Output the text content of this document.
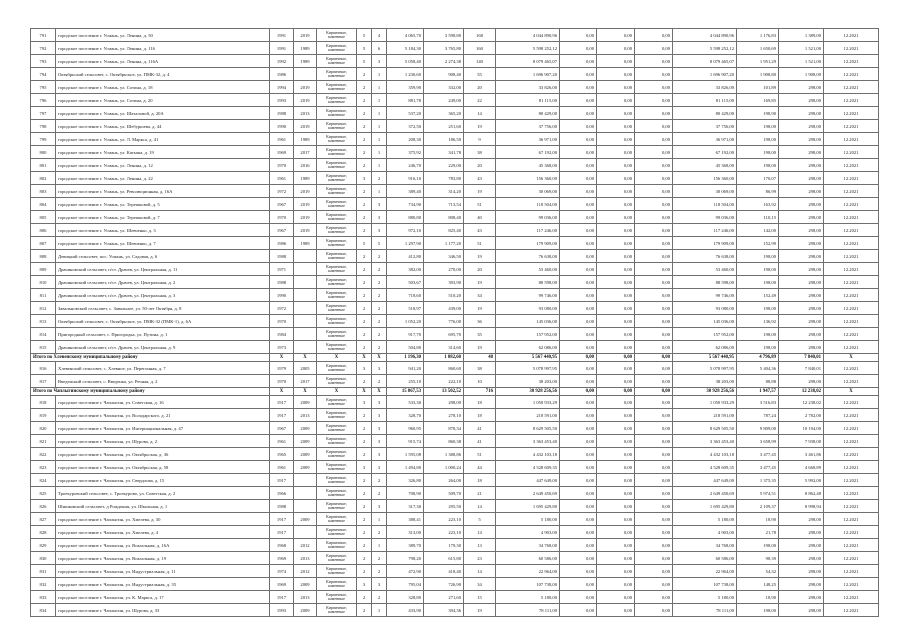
791	городское поселение г. Усмань, ул. Ленина, д. 50	1991	2019	Кирпичные, каменные	5	4	4 065,70	3 598,80	168	4 044 890,96	0,00	0,00	0,00	4 044 890,96	1 176,83	1 389,00	12.2021
792	городское поселение г. Усмань, ул. Ленина, д. 116	1991	1989	Кирпичные, каменные	5	6	5 184,30	3 765,80	160	5 598 252,12	0,00	0,00	0,00	5 598 252,12	1 650,69	1 521,00	12.2021
793	городское поселение г. Усмань, ул. Ленина, д. 116А	1992	1989	Кирпичные, каменные	5	3	5 058,40	2 274,38	140	8 079 465,07	0,00	0,00	0,00	8 079 465,07	1 951,29	1 521,00	12.2021
794	Октябрьский сельсовет, с. Октябрьское, ул. ПМК-32, д. 4	1986		Кирпичные, каменные	2	1	1 230,60	908,40	55	1 696 907,20	0,00	0,00	0,00	1 696 907,20	1 908,80	1 908,00	12.2021
795	городское поселение г. Усмань, ул. Сотина, д. 18	1994	2019	Кирпичные, каменные	2	1	359,90	332,00	20	33 826,00	0,00	0,00	0,00	33 826,00	101,89	298,00	12.2021
796	городское поселение г. Усмань, ул. Сотина, д. 20	1993	2019	Кирпичные, каменные	2	1	881,78	249,00	22	81 115,00	0,00	0,00	0,00	81 115,00	169,85	298,00	12.2021
797	городское поселение г. Усмань, ул. Шаталовой, д. 20А	1988	2013	Кирпичные, каменные	2	1	537,20	365,20	14	80 429,00	0,00	0,00	0,00	80 429,00	198,90	298,00	12.2021
798	городское поселение г. Усмань, ул. Шебуршева, д. 44	1990	2019	Кирпичные, каменные	2	1	372,50	251,60	19	37 756,00	0,00	0,00	0,00	37 756,00	198,00	298,00	12.2021
799	городское поселение г. Усмань, ул. Л. Маркса, д. 41	1961	1989	Кирпичные, каменные	2	1	208,30	186,50	9	36 971,00	0,00	0,00	0,00	36 971,00	198,00	298,00	12.2021
800	городское поселение г. Усмань, ул. Катыша, д. 19	1969	2017	Кирпичные, каменные	2	1	375,92	341,78	38	67 192,00	0,00	0,00	0,00	67 192,00	198,00	298,00	12.2021
801	городское поселение г. Усмань, ул. Ленина, д. 12	1970	2016	Кирпичные, каменные	2	1	246,70	229,00	20	45 368,00	0,00	0,00	0,00	45 368,00	198,00	298,00	12.2021
802	городское поселение г. Усмань, ул. Ленина, д. 22	1961	1989	Кирпичные, каменные	3	2	916,10	783,80	43	156 360,00	0,00	0,00	0,00	156 360,00	170,07	298,00	12.2021
803	городское поселение г. Усмань, ул. Революционная, д. 16А	1972	2019	Кирпичные, каменные	2	1	389,40	314,20	19	30 069,00	0,00	0,00	0,00	30 069,00	86,99	298,00	12.2021
804	городское поселение г. Усмань, ул. Терешковой, д. 5	1967	2019	Кирпичные, каменные	2	3	734,90	713,54	51	118 504,00	0,00	0,00	0,00	118 504,00	163,92	298,00	12.2021
805	городское поселение г. Усмань, ул. Терешковой, д. 7	1970	2019	Кирпичные, каменные	2	3	880,80	808,40	40	99 036,00	0,00	0,00	0,00	99 036,00	110,15	298,00	12.2021
806	городское поселение г. Усмань, ул. Шевченко, д. 3	1967	2019	Кирпичные, каменные	2	3	972,10	825,40	43	117 246,00	0,00	0,00	0,00	117 246,00	142,00	298,00	12.2021
807	городское поселение г. Усмань, ул. Шевченко, д. 7	1986	1989	Кирпичные, каменные	5	5	1 297,90	1 177,20	51	179 909,00	0,00	0,00	0,00	179 909,00	152,99	298,00	12.2021
808	Девицкий сельсовет, пос. Усмань, ул. Садовая, д. 6	1988		Кирпичные, каменные	2	2	412,80	346,50	19	76 638,00	0,00	0,00	0,00	76 638,00	198,00	298,00	12.2021
809	Драчиновский сельсовет, п/ст. Драчев, ул. Центральная, д. 11	1971		Кирпичные, каменные	2	2	382,00	270,00	20	53 460,00	0,00	0,00	0,00	53 460,00	198,00	298,00	12.2021
810	Драчиновский сельсовет, п/ст. Драчев, ул. Центральная, д. 2	1988		Кирпичные, каменные	2	2	503,67	393,90	19	88 598,00	0,00	0,00	0,00	88 598,00	198,00	298,00	12.2021
811	Драчиновский сельсовет, п/ст. Драчев, ул. Центральная, д. 3	1990		Кирпичные, каменные	2	2	718,60	510,20	34	99 746,00	0,00	0,00	0,00	99 746,00	152,49	298,00	12.2021
812	Завальновский сельсовет, с. Завальное, ул. 50-лет Октября, д. 8	1972		Кирпичные, каменные	2	2	518,97	439,00	19	93 080,00	0,00	0,00	0,00	93 080,00	198,00	298,00	12.2021
813	Октябрьский сельсовет, с. Октябрьское, ул. ПМК-32 (ПМК-1), д. 6А	1970		Кирпичные, каменные	2	2	1 052,20	776,00	36	145 036,00	0,00	0,00	0,00	145 036,00	136,92	298,00	12.2021
814	Пригородный сельсовет, с. Пригородка, ул. Путина, д. 1	1984		Кирпичные, каменные	2	2	917,70	695,70	35	157 952,00	0,00	0,00	0,00	157 952,00	198,00	298,00	12.2021
815	Драчиновский сельсовет, п/ст. Драчев, ул. Центральная, д. 9	1973		Кирпичные, каменные	2	2	504,80	314,60	19	62 086,00	0,00	0,00	0,00	62 086,00	198,00	298,00	12.2021
Итого по Хлевенскому муниципальному району		X	X	X	X	X	1 196,30	1 082,60	48	5 567 440,95	0,00	0,00	0,00	5 567 440,95	4 796,89	7 840,01	X
816	Хлевенский сельсовет, с. Хлевное, ул. Перегонная, д. 7	1979	2005	Кирпичные, каменные	3	3	941,20	860,60	38	5 078 997,95	0,00	0,00	0,00	5 078 997,95	5 404,36	7 840,01	12.2021
817	Введенский сельсовет, с. Введенка, ул. Речная, д. 2	1970	2017	Кирпичные, каменные	2	2	255,10	222,10	10	38 203,00	0,00	0,00	0,00	38 203,00	88,88	298,00	12.2021
Итого по Чаплыгинскому муниципальному району		X	X	X	X	X	15 867,53	13 502,52	716	30 928 256,56	0,00	0,00	0,00	30 928 256,56	1 947,57	12 238,02	X
818	городское поселение г. Чаплыгин, ул. Советская, д. 16	1917	2009	Кирпичные, каменные	3	3	533,30	298,00	18	1 050 933,29	0,00	0,00	0,00	1 050 933,29	3 516,83	12 238,02	12.2021
819	городское поселение г. Чаплыгин, ул. Володарского, д. 21	1917	2013	Кирпичные, каменные	2	3	328,70	278,10	18	218 591,00	0,00	0,00	0,00	218 591,00	787,24	2 782,00	12.2021
820	городское поселение г. Чаплыгин, ул. Интернациональная, д. 47	1967	2009	Кирпичные, каменные	2	3	960,95	878,34	41	8 629 505,50	0,00	0,00	0,00	8 629 505,50	9 809,00	10 194,00	12.2021
821	городское поселение г. Чаплыгин, ул. Шурова, д. 2	1961	2009	Кирпичные, каменные	2	3	915,74	860,38	41	3 363 453,40	0,00	0,00	0,00	3 363 453,40	3 658,99	7 938,00	12.2021
822	городское поселение г. Чаплыгин, ул. Октябрьская, д. 36	1965	2009	Кирпичные, каменные	2	3	1 595,08	1 388,86	51	4 432 103,18	0,00	0,00	0,00	4 432 103,18	3 477,45	3 461,86	12.2021
823	городское поселение г. Чаплыгин, ул. Октябрьская, д. 58	1961	2009	Кирпичные, каменные	3	3	1 494,80	1 000,24	44	4 528 609,35	0,00	0,00	0,00	4 528 609,35	3 477,45	4 668,89	12.2021
824	городское поселение г. Чаплыгин, ул. Свердлова, д. 15	1917		Кирпичные, каменные	2	2	326,80	264,00	18	447 649,00	0,00	0,00	0,00	447 649,00	1 375,35	5 992,00	12.2021
825	Троекуровский сельсовет, с. Троекурово, ул. Советская, д. 2	1966		Кирпичные, каменные	2	2	708,90	509,70	21	2 649 450,69	0,00	0,00	0,00	2 649 450,69	5 974,51	8 862,48	12.2021
826	Шишковский сельсовет, д Рождения, ул. Школьная, д. 1	1988		Кирпичные, каменные	2	3	317,30	295,50	14	1 695 429,80	0,00	0,00	0,00	1 695 429,80	2 109,37	8 998,94	12.2021
827	городское поселение г. Чаплыгин, ул. Хмелева, д. 30	1917	2009	Кирпичные, каменные	2	1	388,41	223,10	5	5 180,00	0,00	0,00	0,00	5 180,00	18,90	298,00	12.2021
828	городское поселение г. Чаплыгин, ул. Хмелева, д. 4	1917		Кирпичные, каменные	2	2	313,00	223,10	14	4 903,00	0,00	0,00	0,00	4 903,00	21,78	298,00	12.2021
829	городское поселение г. Чаплыгин, ул. Вокзальная, д. 16А	1968	2012	Кирпичные, каменные	2	1	389,70	179,30	13	34 768,00	0,00	0,00	0,00	34 768,00	198,00	298,00	12.2021
830	городское поселение г. Чаплыгин, ул. Вокзальная, д. 19	1969	2013	Кирпичные, каменные	2	2	798,20	615,80	23	60 586,00	0,00	0,00	0,00	60 586,00	98,39	298,00	12.2021
831	городское поселение г. Чаплыгин, ул. Индустриальная, д. 11	1974	2012	Кирпичные, каменные	2	2	472,90	418,40	14	22 964,00	0,00	0,00	0,00	22 964,00	54,32	298,00	12.2021
832	городское поселение г. Чаплыгин, ул. Индустриальная, д. 35	1969	2009	Кирпичные, каменные	3	3	795,04	726,90	34	107 738,00	0,00	0,00	0,00	107 738,00	148,25	298,00	12.2021
833	городское поселение г. Чаплыгин, ул. К. Маркса, д. 17	1917	2013	Кирпичные, каменные	2	2	328,80	271,60	15	5 180,00	0,00	0,00	0,00	5 180,00	18,90	298,00	12.2021
834	городское поселение г. Чаплыгин, ул. Шурова, д. 33	1993	2009	Кирпичные, каменные	2	1	433,90	394,36	19	78 111,00	0,00	0,00	0,00	78 111,00	198,00	298,00	12.2021
